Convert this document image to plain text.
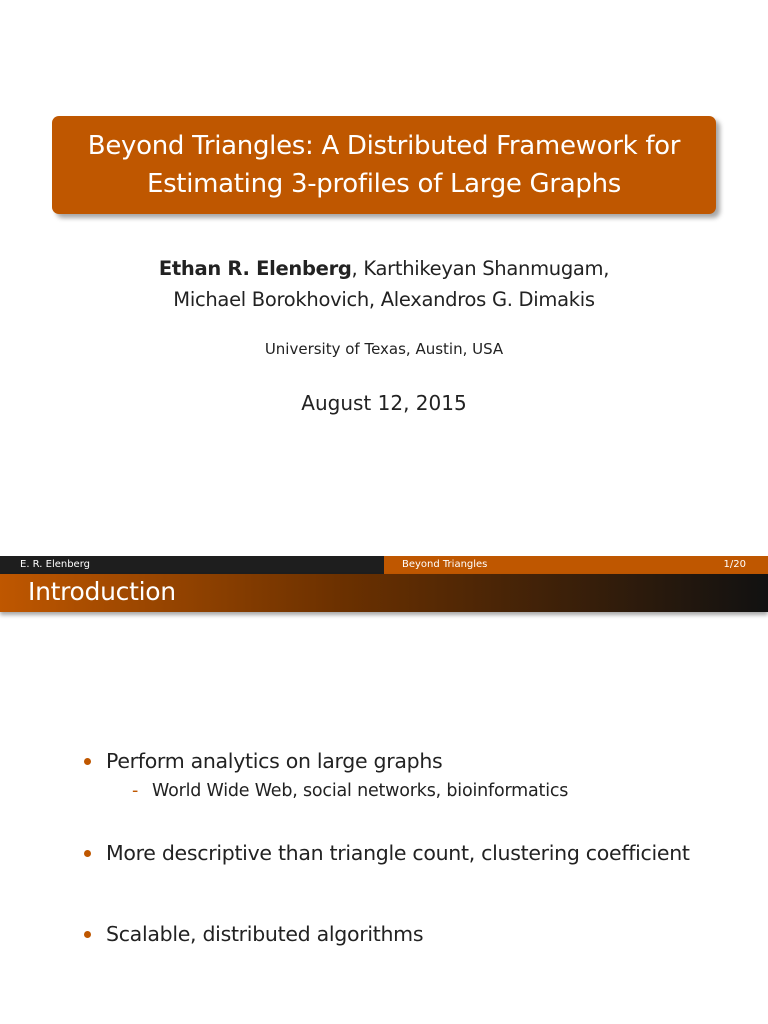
Beyond Triangles: A Distributed Framework for
Estimating 3-profiles of Large Graphs
Ethan R. Elenberg, Karthikeyan Shanmugam,
Michael Borokhovich, Alexandros G. Dimakis
University of Texas, Austin, USA
August 12, 2015
E. R. Elenberg	Beyond Triangles	1/20
Introduction
Perform analytics on large graphs
- World Wide Web, social networks, bioinformatics
More descriptive than triangle count, clustering coefficient
Scalable, distributed algorithms
